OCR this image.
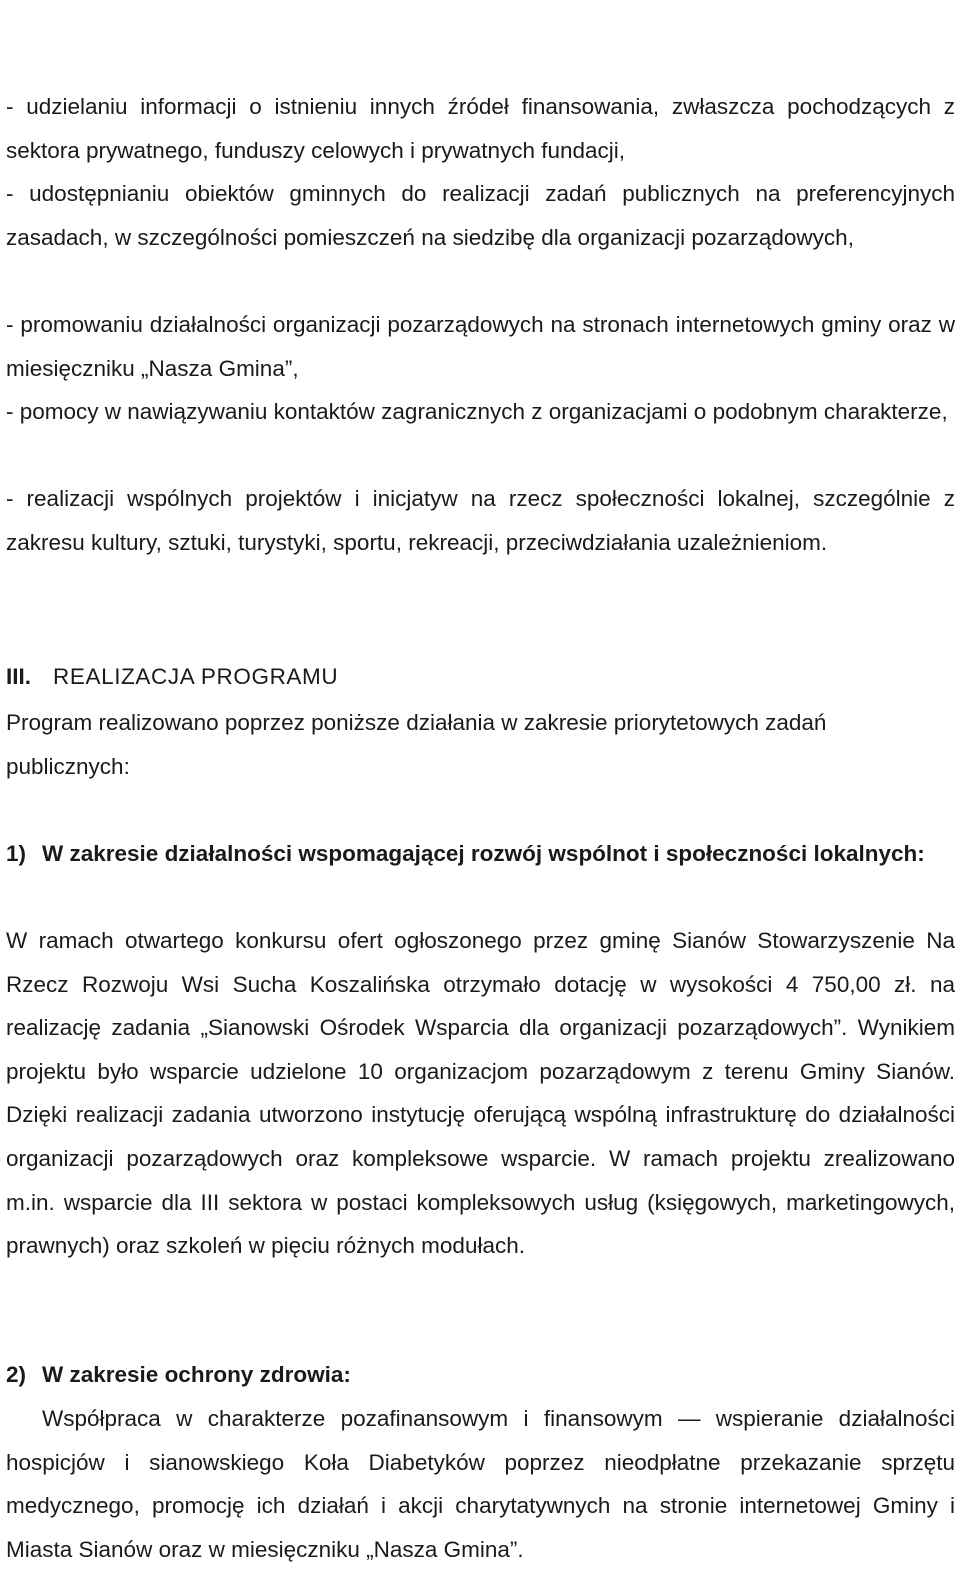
- udzielaniu informacji o istnieniu innych źródeł finansowania, zwłaszcza pochodzących z sektora prywatnego, funduszy celowych i prywatnych fundacji,

- udostępnianiu obiektów gminnych do realizacji zadań publicznych na preferencyjnych zasadach, w szczególności pomieszczeń na siedzibę dla organizacji pozarządowych,

- promowaniu działalności organizacji pozarządowych na stronach internetowych gminy oraz w miesięczniku „Nasza Gmina”,

- pomocy w nawiązywaniu kontaktów zagranicznych z organizacjami o podobnym charakterze,

- realizacji wspólnych projektów i inicjatyw na rzecz społeczności lokalnej, szczególnie z zakresu kultury, sztuki, turystyki, sportu, rekreacji, przeciwdziałania uzależnieniom.

III. REALIZACJA PROGRAMU

Program realizowano poprzez poniższe działania w zakresie priorytetowych zadań publicznych:

1) W zakresie działalności wspomagającej rozwój wspólnot i społeczności lokalnych:

W ramach otwartego konkursu ofert ogłoszonego przez gminę Sianów Stowarzyszenie Na Rzecz Rozwoju Wsi Sucha Koszalińska otrzymało dotację w wysokości 4 750,00 zł. na realizację zadania „Sianowski Ośrodek Wsparcia dla organizacji pozarządowych”. Wynikiem projektu było wsparcie udzielone 10 organizacjom pozarządowym z terenu Gminy Sianów. Dzięki realizacji zadania utworzono instytucję oferującą wspólną infrastrukturę do działalności organizacji pozarządowych oraz kompleksowe wsparcie. W ramach projektu zrealizowano m.in. wsparcie dla III sektora w postaci kompleksowych usług (księgowych, marketingowych, prawnych) oraz szkoleń w pięciu różnych modułach.

2) W zakresie ochrony zdrowia:

Współpraca w charakterze pozafinansowym i finansowym — wspieranie działalności hospicjów i sianowskiego Koła Diabetyków poprzez nieodpłatne przekazanie sprzętu medycznego, promocję ich działań i akcji charytatywnych na stronie internetowej Gminy i Miasta Sianów oraz w miesięczniku „Nasza Gmina”.
